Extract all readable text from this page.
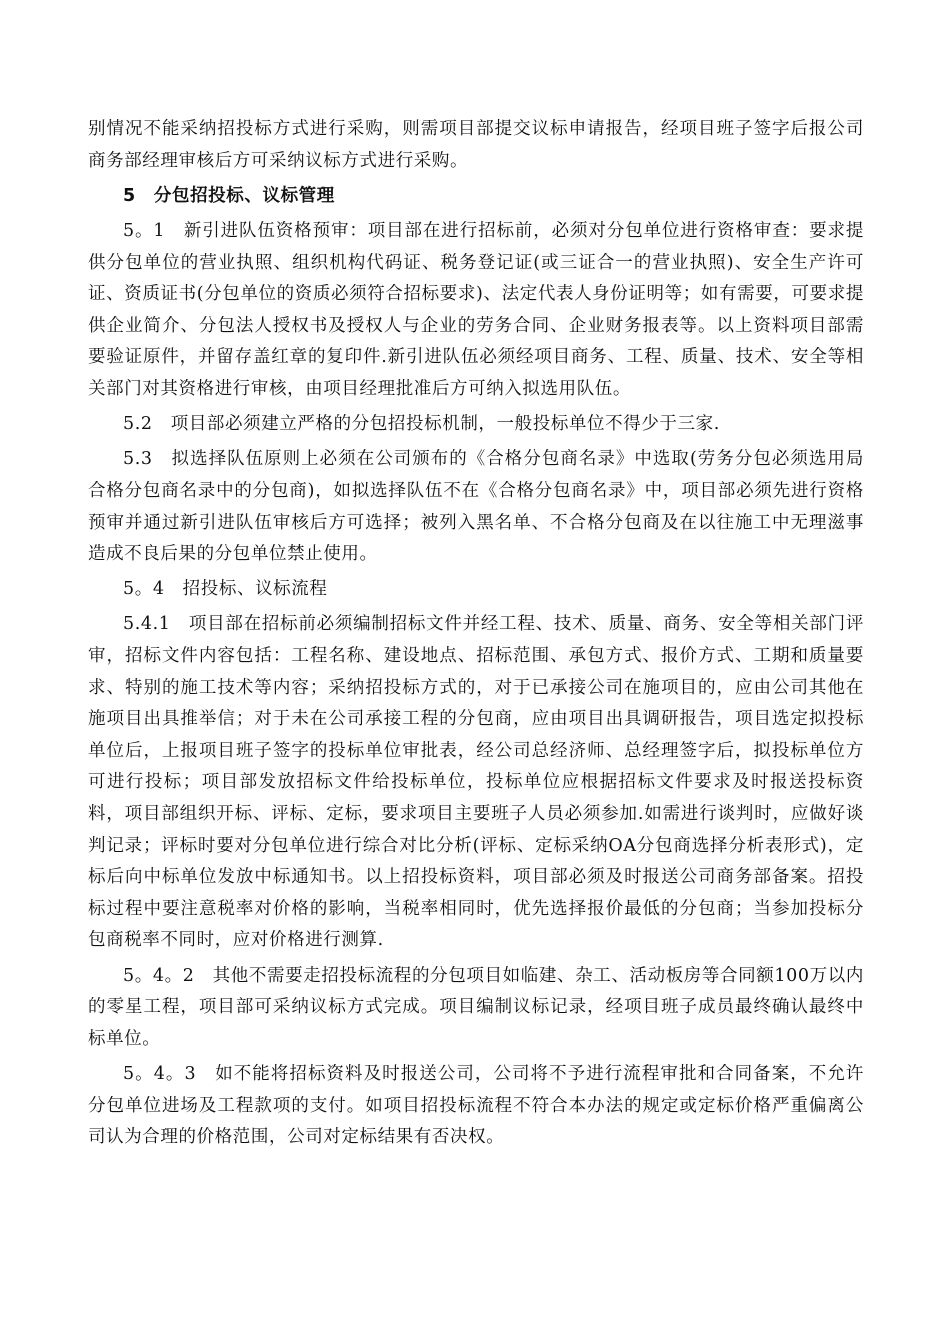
别情况不能采纳招投标方式进行采购，则需项目部提交议标申请报告，经项目班子签字后报公司商务部经理审核后方可采纳议标方式进行采购。

5　分包招投标、议标管理

5。1　新引进队伍资格预审：项目部在进行招标前，必须对分包单位进行资格审查：要求提供分包单位的营业执照、组织机构代码证、税务登记证(或三证合一的营业执照)、安全生产许可证、资质证书(分包单位的资质必须符合招标要求)、法定代表人身份证明等；如有需要，可要求提供企业简介、分包法人授权书及授权人与企业的劳务合同、企业财务报表等。以上资料项目部需要验证原件，并留存盖红章的复印件.新引进队伍必须经项目商务、工程、质量、技术、安全等相关部门对其资格进行审核，由项目经理批准后方可纳入拟选用队伍。

5.2　项目部必须建立严格的分包招投标机制，一般投标单位不得少于三家.

5.3　拟选择队伍原则上必须在公司颁布的《合格分包商名录》中选取(劳务分包必须选用局合格分包商名录中的分包商)，如拟选择队伍不在《合格分包商名录》中，项目部必须先进行资格预审并通过新引进队伍审核后方可选择；被列入黑名单、不合格分包商及在以往施工中无理滋事造成不良后果的分包单位禁止使用。

5。4　招投标、议标流程

5.4.1　项目部在招标前必须编制招标文件并经工程、技术、质量、商务、安全等相关部门评审，招标文件内容包括：工程名称、建设地点、招标范围、承包方式、报价方式、工期和质量要求、特别的施工技术等内容；采纳招投标方式的，对于已承接公司在施项目的，应由公司其他在施项目出具推举信；对于未在公司承接工程的分包商，应由项目出具调研报告，项目选定拟投标单位后，上报项目班子签字的投标单位审批表，经公司总经济师、总经理签字后，拟投标单位方可进行投标；项目部发放招标文件给投标单位，投标单位应根据招标文件要求及时报送投标资料，项目部组织开标、评标、定标，要求项目主要班子人员必须参加.如需进行谈判时，应做好谈判记录；评标时要对分包单位进行综合对比分析(评标、定标采纳OA分包商选择分析表形式)，定标后向中标单位发放中标通知书。以上招投标资料，项目部必须及时报送公司商务部备案。招投标过程中要注意税率对价格的影响，当税率相同时，优先选择报价最低的分包商；当参加投标分包商税率不同时，应对价格进行测算.

5。4。2　其他不需要走招投标流程的分包项目如临建、杂工、活动板房等合同额100万以内的零星工程，项目部可采纳议标方式完成。项目编制议标记录，经项目班子成员最终确认最终中标单位。

5。4。3　如不能将招标资料及时报送公司，公司将不予进行流程审批和合同备案，不允许分包单位进场及工程款项的支付。如项目招投标流程不符合本办法的规定或定标价格严重偏离公司认为合理的价格范围，公司对定标结果有否决权。
